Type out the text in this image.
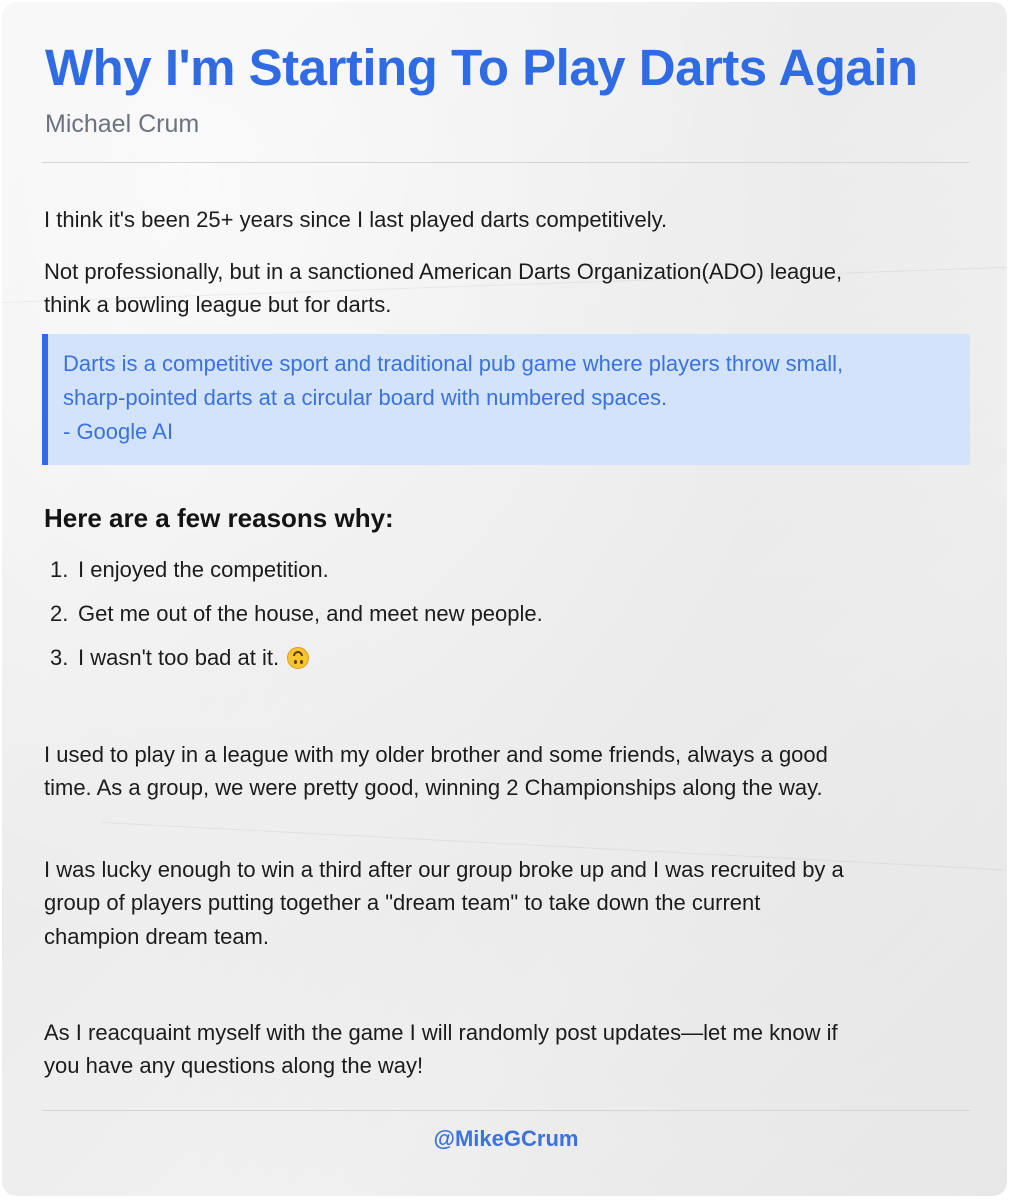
Why I'm Starting To Play Darts Again
Michael Crum

I think it's been 25+ years since I last played darts competitively.

Not professionally, but in a sanctioned American Darts Organization(ADO) league,

think a bowling league but for darts.

Darts is a competitive sport and traditional pub game where players throw small,
sharp-pointed darts at a circular board with numbered spaces.
- Google AI
Here are a few reasons why:
1. I enjoyed the competition.
2. Get me out of the house, and meet new people.
3. I wasn't too bad at it.

I used to play in a league with my older brother and some friends, always a good

time. As a group, we were pretty good, winning 2 Championships along the way.

I was lucky enough to win a third after our group broke up and I was recruited by a

group of players putting together a "dream team" to take down the current

champion dream team.

As I reacquaint myself with the game I will randomly post updates—let me know if

you have any questions along the way!

@MikeGCrum
